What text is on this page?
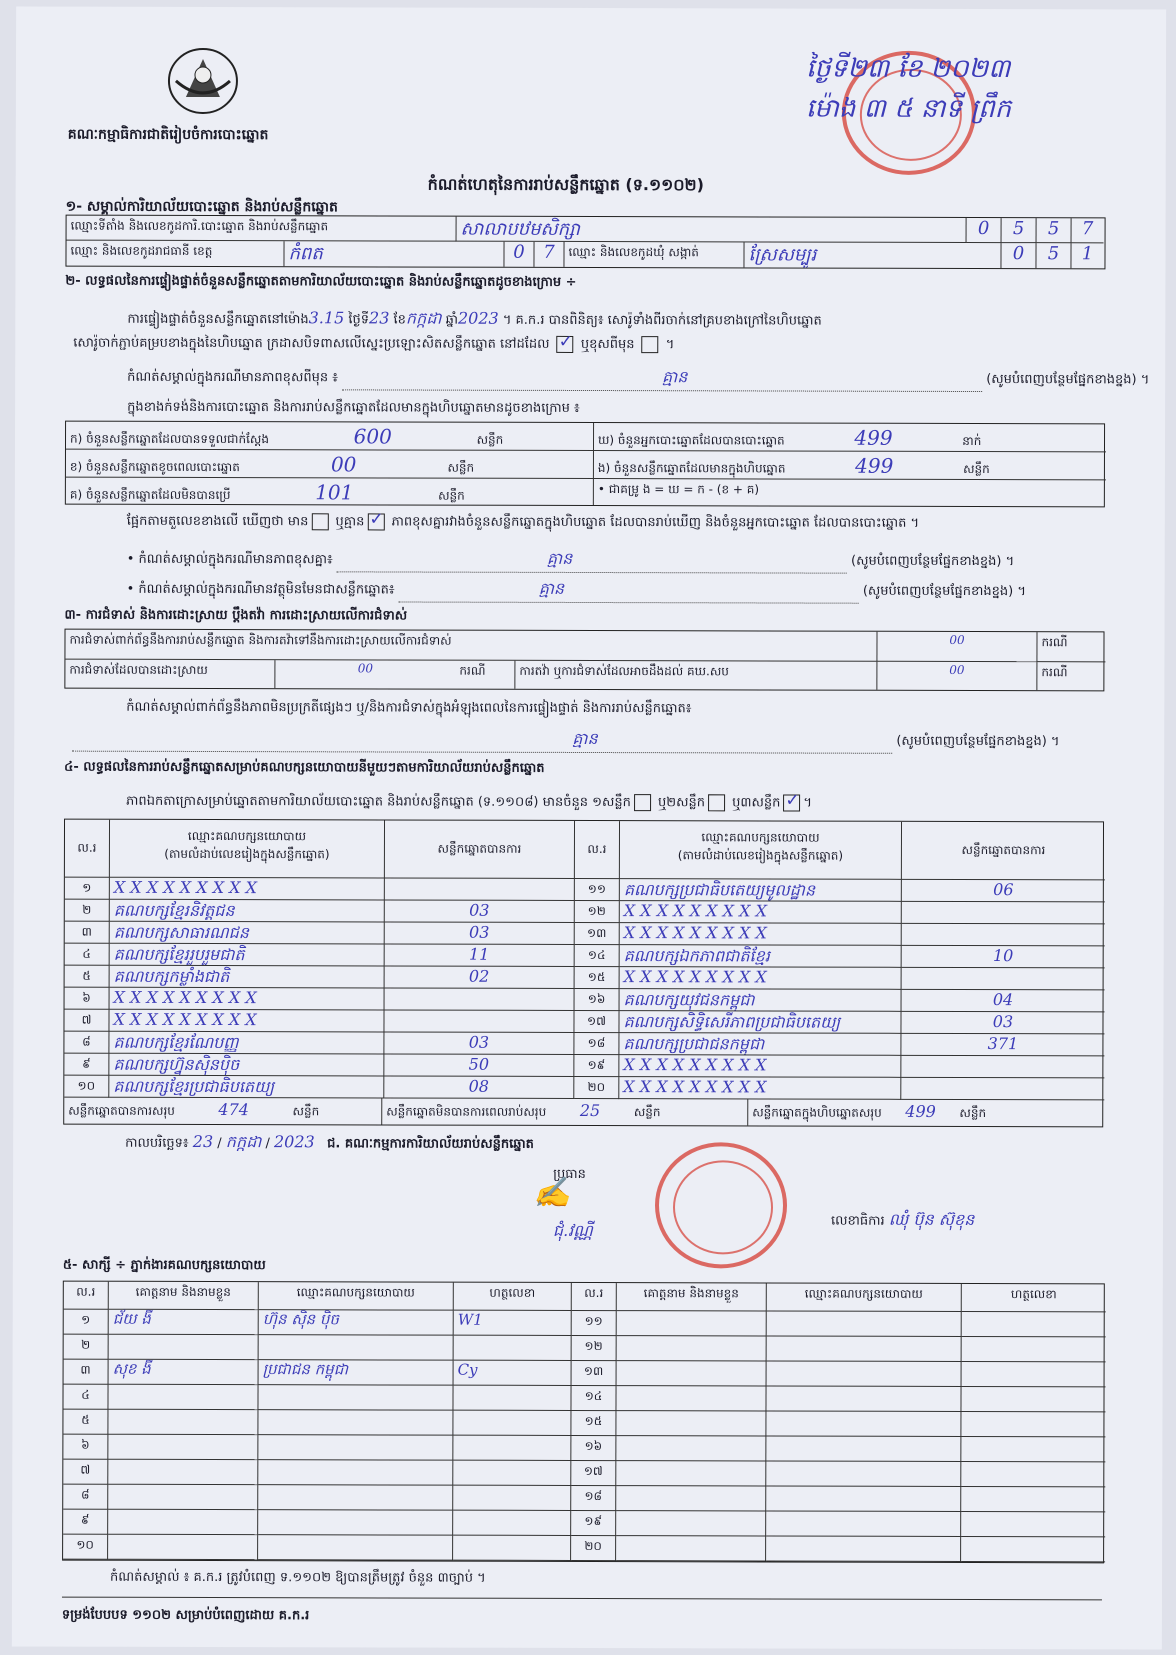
គណៈកម្មាធិការជាតិរៀបចំការបោះឆ្នោត
ថ្ងៃទី២៣ ខែ ២០២៣
ម៉ោង ៣ ៥ នាទី ព្រឹក
កំណត់ហេតុនៃការរាប់សន្លឹកឆ្នោត (ទ.១១០២)
១- សម្គាល់ការិយាល័យបោះឆ្នោត និងរាប់សន្លឹកឆ្នោត
ឈ្មោះទីតាំង និងលេខកូដការិ.បោះឆ្នោត និងរាប់សន្លឹកឆ្នោត	សាលាបឋមសិក្សា	0	5	5	7
ឈ្មោះ និងលេខកូដរាជធានី ខេត្ត	កំពត	0	7	ឈ្មោះ និងលេខកូដឃុំ សង្កាត់	ស្រែសម្បូរ	0	5	1
២- លទ្ធផលនៃការផ្ទៀងផ្ទាត់ចំនួនសន្លឹកឆ្នោតតាមការិយាល័យបោះឆ្នោត និងរាប់សន្លឹកឆ្នោតដូចខាងក្រោម ÷
ការផ្ទៀងផ្ទាត់ចំនួនសន្លឹកឆ្នោតនៅម៉ោង3.15 ថ្ងៃទី23 ខែកក្កដា ឆ្នាំ2023 ។ គ.ក.រ បានពិនិត្យ៖ សោរ៉ូទាំងពីរចាក់នៅគ្របខាងក្រៅនៃហិបឆ្នោត
សោរ៉ូចាក់ភ្ជាប់គម្របខាងក្នុងនៃហិបឆ្នោត ក្រដាសបិទពាសលើស្នេះប្រឡោះសិតសន្លឹកឆ្នោត នៅដដែល ✓ ឬខុសពីមុន  ។
កំណត់សម្គាល់ក្នុងករណីមានភាពខុសពីមុន ៖	គ្មាន	(សូមបំពេញបន្ថែមផ្នែកខាងខ្នង) ។
ក្នុងខាងក់ទង់និងការបោះឆ្នោត និងការរាប់សន្លឹកឆ្នោតដែលមានក្នុងហិបឆ្នោតមានដូចខាងក្រោម ៖
ក) ចំនួនសន្លឹកឆ្នោតដែលបានទទួលជាក់ស្ដែង	600	សន្លឹក	ឃ) ចំនួនអ្នកបោះឆ្នោតដែលបានបោះឆ្នោត	499	នាក់
ខ) ចំនួនសន្លឹកឆ្នោតខូចពេលបោះឆ្នោត	00	សន្លឹក	ង) ចំនួនសន្លឹកឆ្នោតដែលមានក្នុងហិបឆ្នោត	499	សន្លឹក
គ) ចំនួនសន្លឹកឆ្នោតដែលមិនបានប្រើ	101	សន្លឹក	• ជាគម្រូ ង = ឃ = ក - (ខ + គ)
ផ្អែកតាមតួលេខខាងលើ ឃើញថា មាន ឬគ្មាន ✓ ភាពខុសគ្នារវាងចំនួនសន្លឹកឆ្នោតក្នុងហិបឆ្នោត ដែលបានរាប់ឃើញ និងចំនួនអ្នកបោះឆ្នោត ដែលបានបោះឆ្នោត ។
• កំណត់សម្គាល់ក្នុងករណីមានភាពខុសគ្នា៖	គ្មាន	(សូមបំពេញបន្ថែមផ្នែកខាងខ្នង) ។
• កំណត់សម្គាល់ក្នុងករណីមានវត្ថុមិនមែនជាសន្លឹកឆ្នោត៖	គ្មាន	(សូមបំពេញបន្ថែមផ្នែកខាងខ្នង) ។
៣- ការជំទាស់ និងការដោះស្រាយ ប្ដឹងតវ៉ា ការដោះស្រាយលើការជំទាស់
ការជំទាស់ពាក់ព័ន្ធនឹងការរាប់សន្លឹកឆ្នោត និងការតវ៉ាទៅនឹងការដោះស្រាយលើការជំទាស់	00	ករណី
ការជំទាស់ដែលបានដោះស្រាយ	00	ករណី	ការតវ៉ា ឬការជំទាស់ដែលអាចដឹងដល់ គឃ.សប	00	ករណី
កំណត់សម្គាល់ពាក់ព័ន្ធនឹងភាពមិនប្រក្រតីផ្សេងៗ ឬ/និងការជំទាស់ក្នុងអំឡុងពេលនៃការផ្ទៀងផ្ទាត់ និងការរាប់សន្លឹកឆ្នោត៖
គ្មាន	(សូមបំពេញបន្ថែមផ្នែកខាងខ្នង) ។
៤- លទ្ធផលនៃការរាប់សន្លឹកឆ្នោតសម្រាប់គណបក្សនយោបាយនីមួយៗតាមការិយាល័យរាប់សន្លឹកឆ្នោត
ភាពឯកតាក្រោសម្រាប់ឆ្នោតតាមការិយាល័យបោះឆ្នោត និងរាប់សន្លឹកឆ្នោត (ទ.១១០៨) មានចំនួន ១សន្លឹក ឬ២សន្លឹក ឬ៣សន្លឹក ✓ ។
ល.រ
ឈ្មោះគណបក្សនយោបាយ
(តាមលំដាប់លេខរៀងក្នុងសន្លឹកឆ្នោត)	សន្លឹកឆ្នោតបានការ	ល.រ
ឈ្មោះគណបក្សនយោបាយ
(តាមលំដាប់លេខរៀងក្នុងសន្លឹកឆ្នោត)	សន្លឹកឆ្នោតបានការ
១	X X X X X X X X X	១១	គណបក្សប្រជាធិបតេយ្យមូលដ្ឋាន	06
២	គណបក្សខ្មែរនិវត្តជន	03	១២	X X X X X X X X X
៣	គណបក្សសាធារណជន	03	១៣	X X X X X X X X X
៤	គណបក្សខ្មែររួបរួមជាតិ	11	១៤	គណបក្សឯកភាពជាតិខ្មែរ	10
៥	គណបក្សកម្លាំងជាតិ	02	១៥	X X X X X X X X X
៦	X X X X X X X X X	១៦	គណបក្សយុវជនកម្ពុជា	04
៧	X X X X X X X X X	១៧	គណបក្សសិទ្ធិសេរីភាពប្រជាធិបតេយ្យ	03
៨	គណបក្សខ្មែរណែបញ្ញ	03	១៨	គណបក្សប្រជាជនកម្ពុជា	371
៩	គណបក្សហ្វ៊ុនស៊ិនប៉ិច	50	១៩	X X X X X X X X X
១០	គណបក្សខ្មែរប្រជាធិបតេយ្យ	08	២០	X X X X X X X X X
សន្លឹកឆ្នោតបានការសរុប	474	សន្លឹក	សន្លឹកឆ្នោតមិនបានការពេលរាប់សរុប 25	សន្លឹក	សន្លឹកឆ្នោតក្នុងហិបឆ្នោតសរុប 499 សន្លឹក
កាលបរិច្ឆេទ៖ 23 / កក្កដា / 2023 ជ. គណៈកម្មការការិយាល័យរាប់សន្លឹកឆ្នោត
ប្រធាន
✍
ជុំ.វណ្ណី	លេខាធិការ ឈុំ ប៊ុន ស៊ុខុន
៥- សាក្សី ÷ ភ្នាក់ងារគណបក្សនយោបាយ
ល.រ	គោត្តនាម និងនាមខ្លួន	ឈ្មោះគណបក្សនយោបាយ	ហត្ថលេខា	ល.រ	គោត្តនាម និងនាមខ្លួន	ឈ្មោះគណបក្សនយោបាយ	ហត្ថលេខា
១	ជ័យ ងី	ហ៊ុន ស៊ិន ប៉ិច	W1	១១
២	១២
៣	សុខ ងី	ប្រជាជន កម្ពុជា	Cy	១៣
៤	១៤
៥	១៥
៦	១៦
៧	១៧
៨	១៨
៩	១៩
១០	២០
កំណត់សម្គាល់ ៖ គ.ក.រ ត្រូវបំពេញ ទ.១១០២ ឱ្យបានត្រឹមត្រូវ ចំនួន ៣ច្បាប់ ។
ទម្រង់បែបបទ ១១០២ សម្រាប់បំពេញដោយ គ.ក.រ
